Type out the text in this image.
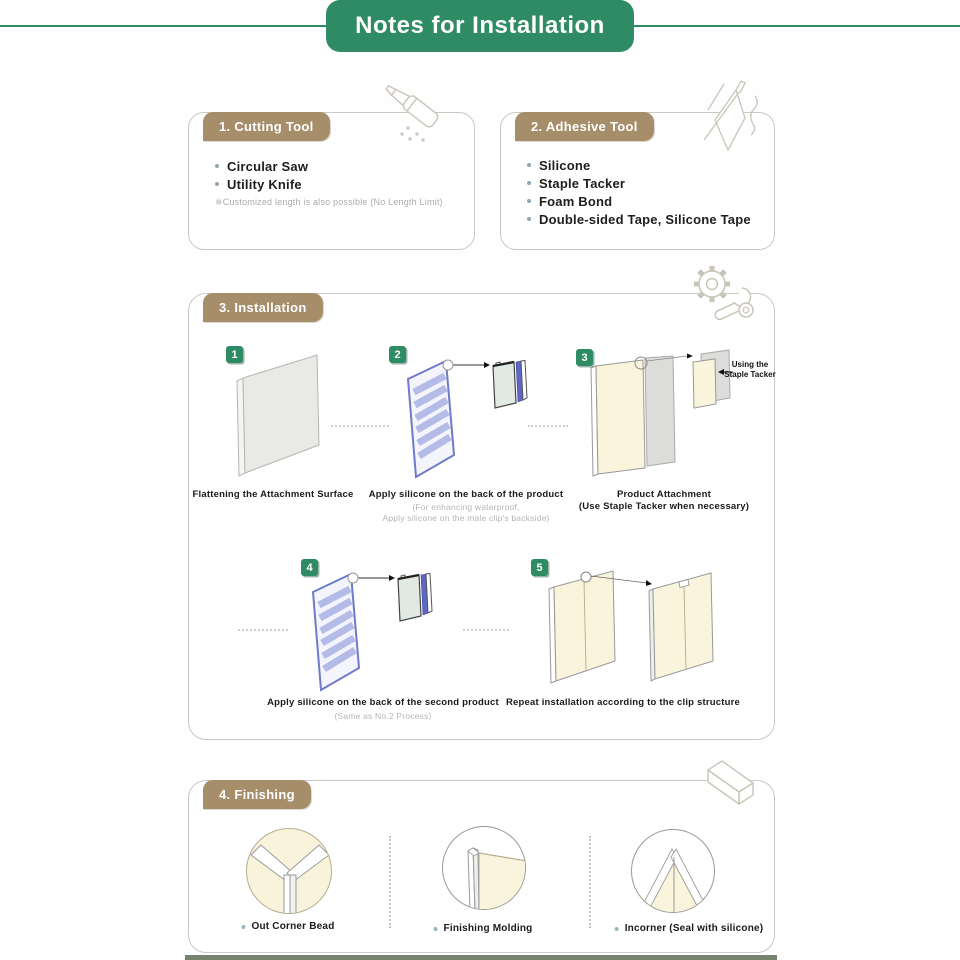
Notes for Installation
1. Cutting Tool
Circular Saw
Utility Knife
※Customized length is also possible (No Length Limit)
2. Adhesive Tool
Silicone
Staple Tacker
Foam Bond
Double-sided Tape, Silicone Tape
3. Installation
1	2	3
4	5
Using the
Staple Tacker
Flattening the Attachment Surface Apply silicone on the back of the product
(For enhancing waterproof,
Apply silicone on the male clip's backside)
Product Attachment
(Use Staple Tacker when necessary)
Apply silicone on the back of the second product
(Same as No.2 Process)
Repeat installation according to the clip structure
4. Finishing
Out Corner Bead	Finishing Molding	Incorner (Seal with silicone)
